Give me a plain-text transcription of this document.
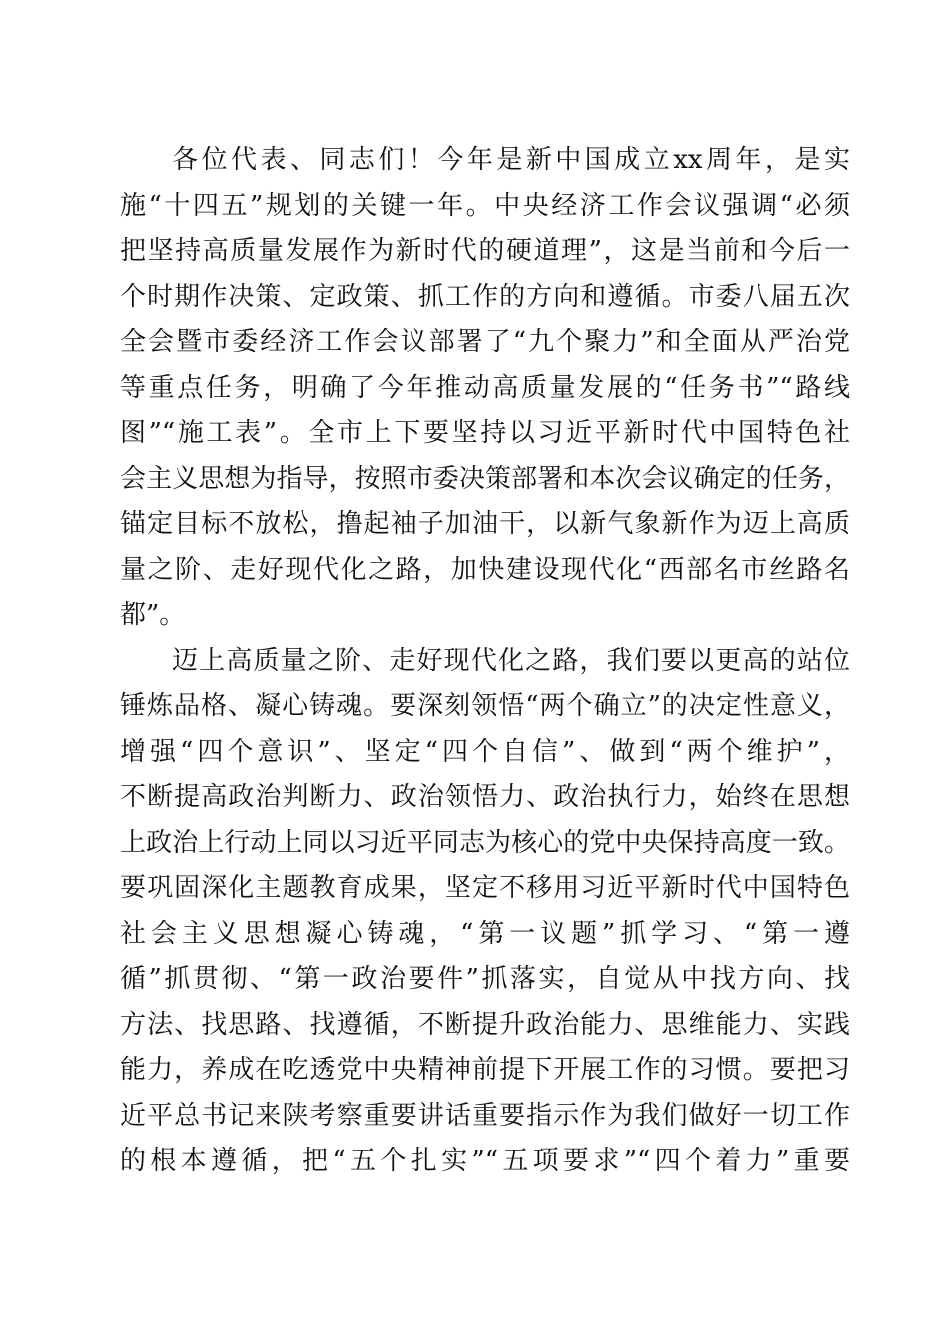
各位代表、同志们！今年是新中国成立xx周年，是实
施“十四五”规划的关键一年。中央经济工作会议强调“必须
把坚持高质量发展作为新时代的硬道理”，这是当前和今后一
个时期作决策、定政策、抓工作的方向和遵循。市委八届五次
全会暨市委经济工作会议部署了“九个聚力”和全面从严治党
等重点任务，明确了今年推动高质量发展的“任务书”“路线
图”“施工表”。全市上下要坚持以习近平新时代中国特色社
会主义思想为指导，按照市委决策部署和本次会议确定的任务，
锚定目标不放松，撸起袖子加油干，以新气象新作为迈上高质
量之阶、走好现代化之路，加快建设现代化“西部名市丝路名
都”。
迈上高质量之阶、走好现代化之路，我们要以更高的站位
锤炼品格、凝心铸魂。要深刻领悟“两个确立”的决定性意义，
增强“四个意识”、坚定“四个自信”、做到“两个维护”，
不断提高政治判断力、政治领悟力、政治执行力，始终在思想
上政治上行动上同以习近平同志为核心的党中央保持高度一致。
要巩固深化主题教育成果，坚定不移用习近平新时代中国特色
社会主义思想凝心铸魂，“第一议题”抓学习、“第一遵
循”抓贯彻、“第一政治要件”抓落实，自觉从中找方向、找
方法、找思路、找遵循，不断提升政治能力、思维能力、实践
能力，养成在吃透党中央精神前提下开展工作的习惯。要把习
近平总书记来陕考察重要讲话重要指示作为我们做好一切工作
的根本遵循，把“五个扎实”“五项要求”“四个着力”重要
